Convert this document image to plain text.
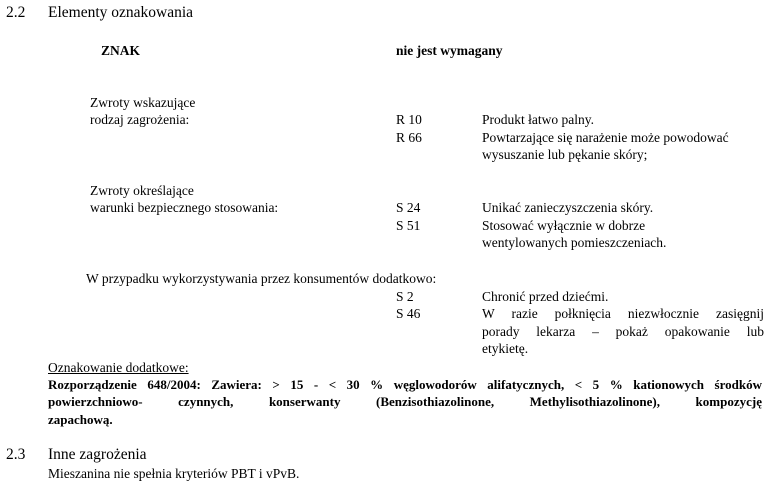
2.2 Elementy oznakowania
ZNAK	nie jest wymagany
Zwroty wskazujące
rodzaj zagrożenia:	R 10	Produkt łatwo palny.
R 66	Powtarzające się narażenie może powodować
wysuszanie lub pękanie skóry;
Zwroty określające
warunki bezpiecznego stosowania:	S 24	Unikać zanieczyszczenia skóry.
S 51	Stosować wyłącznie w dobrze
wentylowanych pomieszczeniach.
W przypadku wykorzystywania przez konsumentów dodatkowo:
S 2	Chronić przed dziećmi.
S 46	W razie połknięcia niezwłocznie zasięgnij
porady lekarza – pokaż opakowanie lub
etykietę.
Oznakowanie dodatkowe:
Rozporządzenie 648/2004: Zawiera: > 15 - < 30 % węglowodorów alifatycznych, < 5 % kationowych środków
powierzchniowo- czynnych, konserwanty (Benzisothiazolinone, Methylisothiazolinone), kompozycję
zapachową.
2.3 Inne zagrożenia
Mieszanina nie spełnia kryteriów PBT i vPvB.
